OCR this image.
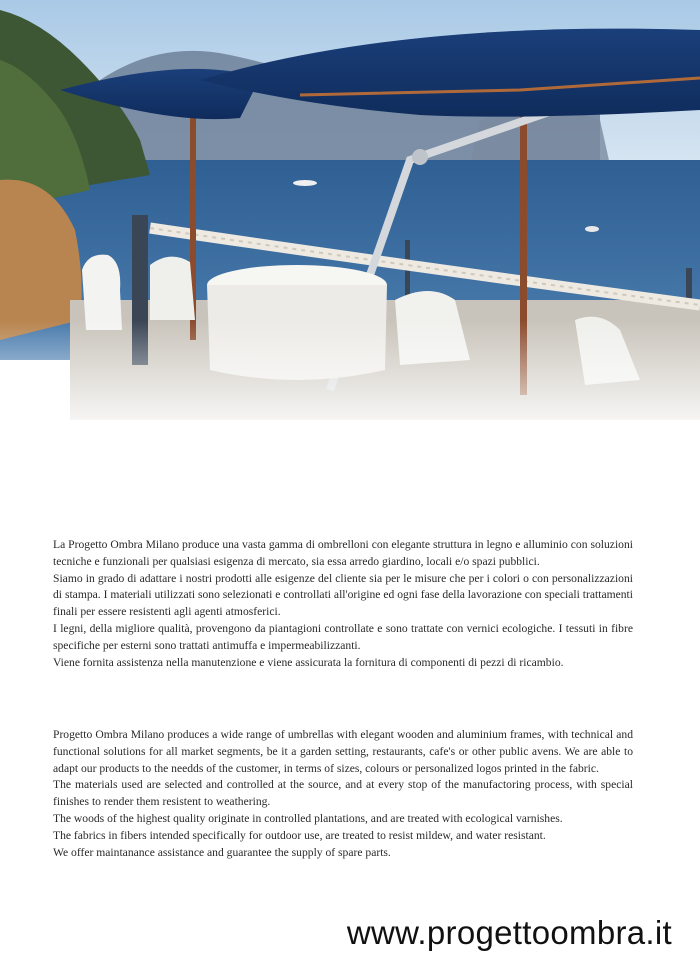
La Progetto Ombra Milano produce una vasta gamma di ombrelloni con elegante struttura in legno e alluminio con soluzioni tecniche e funzionali per qualsiasi esigenza di mercato, sia essa arredo giardino, locali e/o spazi pubblici.

Siamo in grado di adattare i nostri prodotti alle esigenze del cliente sia per le misure che per i colori o con personalizzazioni di stampa. I materiali utilizzati sono selezionati e controllati all'origine ed ogni fase della lavorazione con speciali trattamenti finali per essere resistenti agli agenti atmosferici.

I legni, della migliore qualità, provengono da piantagioni controllate e sono trattate con vernici ecologiche. I tessuti in fibre specifiche per esterni sono trattati antimuffa e impermeabilizzanti.

Viene fornita assistenza nella manutenzione e viene assicurata la fornitura di componenti di pezzi di ricambio.

Progetto Ombra Milano produces a wide range of umbrellas with elegant wooden and aluminium frames, with technical and functional solutions for all market segments, be it a garden setting, restaurants, cafe's or other public avens. We are able to adapt our products to the needds of the customer, in terms of sizes, colours or personalized logos printed in the fabric.

The materials used are selected and controlled at the source, and at every stop of the manufactoring process, with special finishes to render them resistent to weathering.

The woods of the highest quality originate in controlled plantations, and are treated with ecological varnishes.

The fabrics in fibers intended specifically for outdoor use, are treated to resist mildew, and water resistant.

We offer maintanance assistance and guarantee the supply of spare parts.

www.progettoombra.it
